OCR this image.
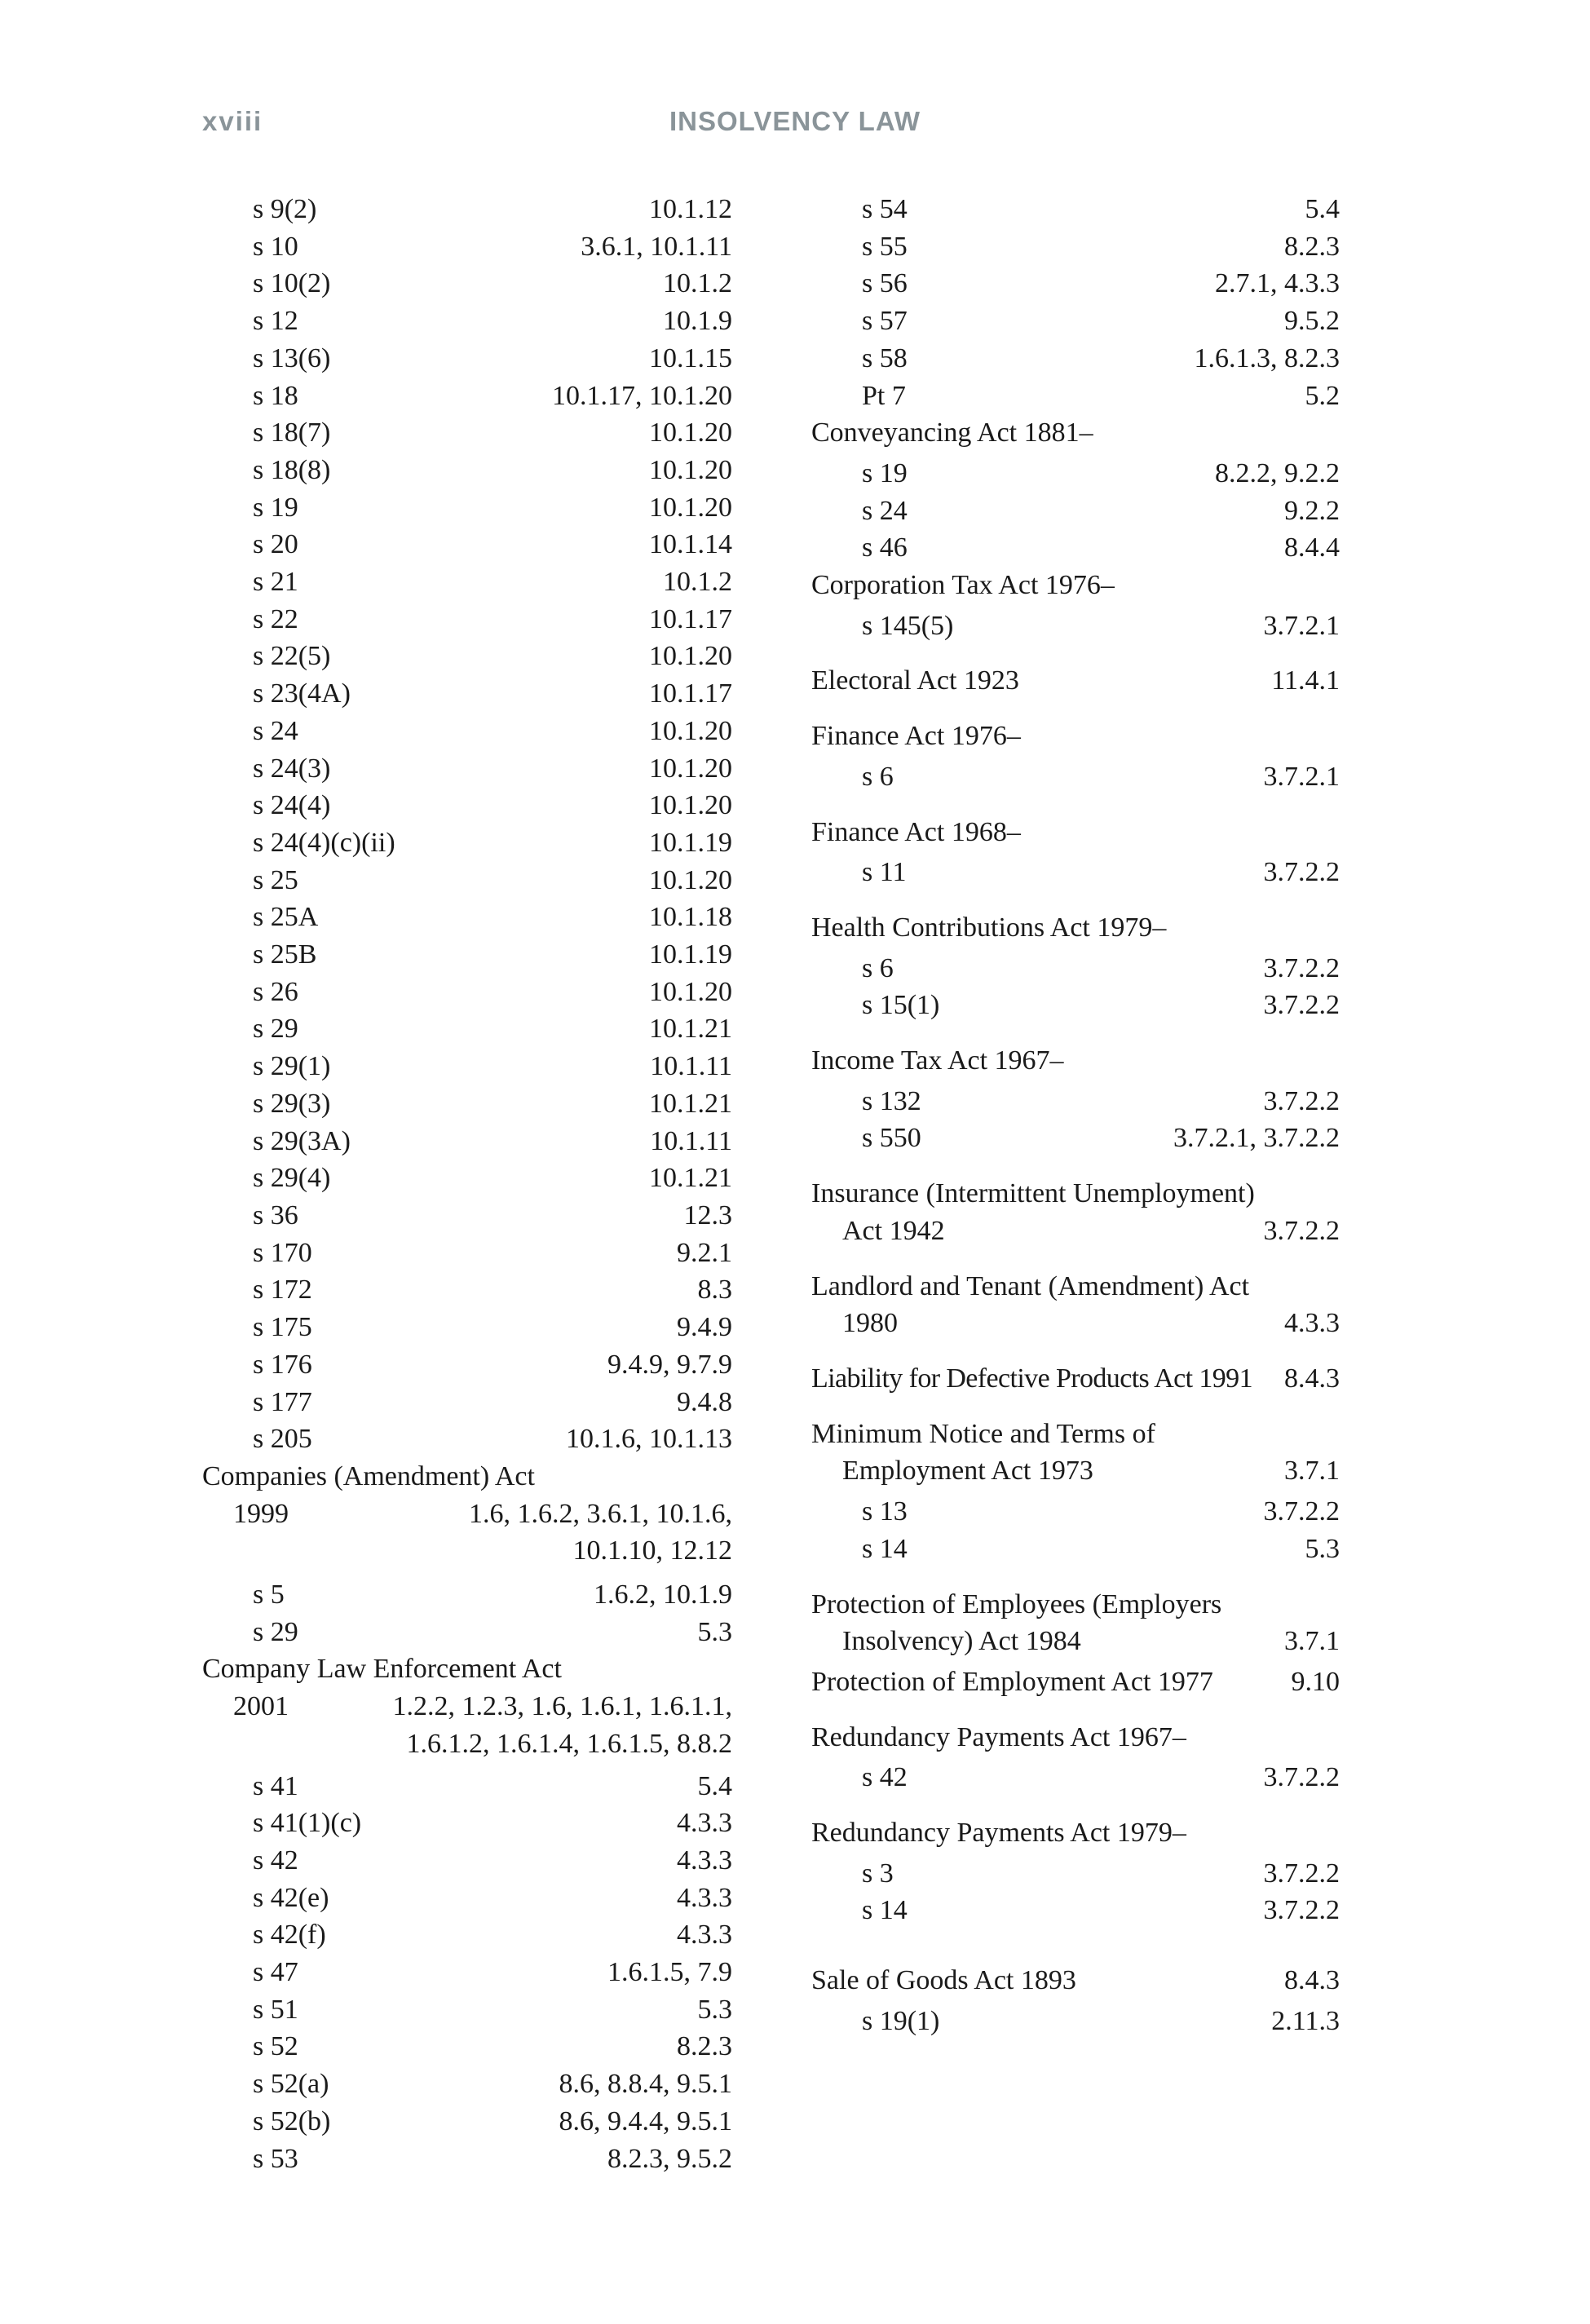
xviii	INSOLVENCY LAW
s 9(2)	10.1.12
s 10	3.6.1, 10.1.11
s 10(2)	10.1.2
s 12	10.1.9
s 13(6)	10.1.15
s 18	10.1.17, 10.1.20
s 18(7)	10.1.20
s 18(8)	10.1.20
s 19	10.1.20
s 20	10.1.14
s 21	10.1.2
s 22	10.1.17
s 22(5)	10.1.20
s 23(4A)	10.1.17
s 24	10.1.20
s 24(3)	10.1.20
s 24(4)	10.1.20
s 24(4)(c)(ii)	10.1.19
s 25	10.1.20
s 25A	10.1.18
s 25B	10.1.19
s 26	10.1.20
s 29	10.1.21
s 29(1)	10.1.11
s 29(3)	10.1.21
s 29(3A)	10.1.11
s 29(4)	10.1.21
s 36	12.3
s 170	9.2.1
s 172	8.3
s 175	9.4.9
s 176	9.4.9, 9.7.9
s 177	9.4.8
s 205	10.1.6, 10.1.13
Companies (Amendment) Act
1999	1.6, 1.6.2, 3.6.1, 10.1.6,
10.1.10, 12.12
s 5	1.6.2, 10.1.9
s 29	5.3
Company Law Enforcement Act
2001	1.2.2, 1.2.3, 1.6, 1.6.1, 1.6.1.1,
1.6.1.2, 1.6.1.4, 1.6.1.5, 8.8.2
s 41	5.4
s 41(1)(c)	4.3.3
s 42	4.3.3
s 42(e)	4.3.3
s 42(f)	4.3.3
s 47	1.6.1.5, 7.9
s 51	5.3
s 52	8.2.3
s 52(a)	8.6, 8.8.4, 9.5.1
s 52(b)	8.6, 9.4.4, 9.5.1
s 53	8.2.3, 9.5.2
s 54	5.4
s 55	8.2.3
s 56	2.7.1, 4.3.3
s 57	9.5.2
s 58	1.6.1.3, 8.2.3
Pt 7	5.2
Conveyancing Act 1881–
s 19	8.2.2, 9.2.2
s 24	9.2.2
s 46	8.4.4
Corporation Tax Act 1976–
s 145(5)	3.7.2.1
Electoral Act 1923	11.4.1
Finance Act 1976–
s 6	3.7.2.1
Finance Act 1968–
s 11	3.7.2.2
Health Contributions Act 1979–
s 6	3.7.2.2
s 15(1)	3.7.2.2
Income Tax Act 1967–
s 132	3.7.2.2
s 550	3.7.2.1, 3.7.2.2
Insurance (Intermittent Unemployment)
Act 1942	3.7.2.2
Landlord and Tenant (Amendment) Act
1980	4.3.3
Liability for Defective Products Act 1991 8.4.3
Minimum Notice and Terms of
Employment Act 1973	3.7.1
s 13	3.7.2.2
s 14	5.3
Protection of Employees (Employers
Insolvency) Act 1984	3.7.1
Protection of Employment Act 1977	9.10
Redundancy Payments Act 1967–
s 42	3.7.2.2
Redundancy Payments Act 1979–
s 3	3.7.2.2
s 14	3.7.2.2
Sale of Goods Act 1893	8.4.3
s 19(1)	2.11.3
